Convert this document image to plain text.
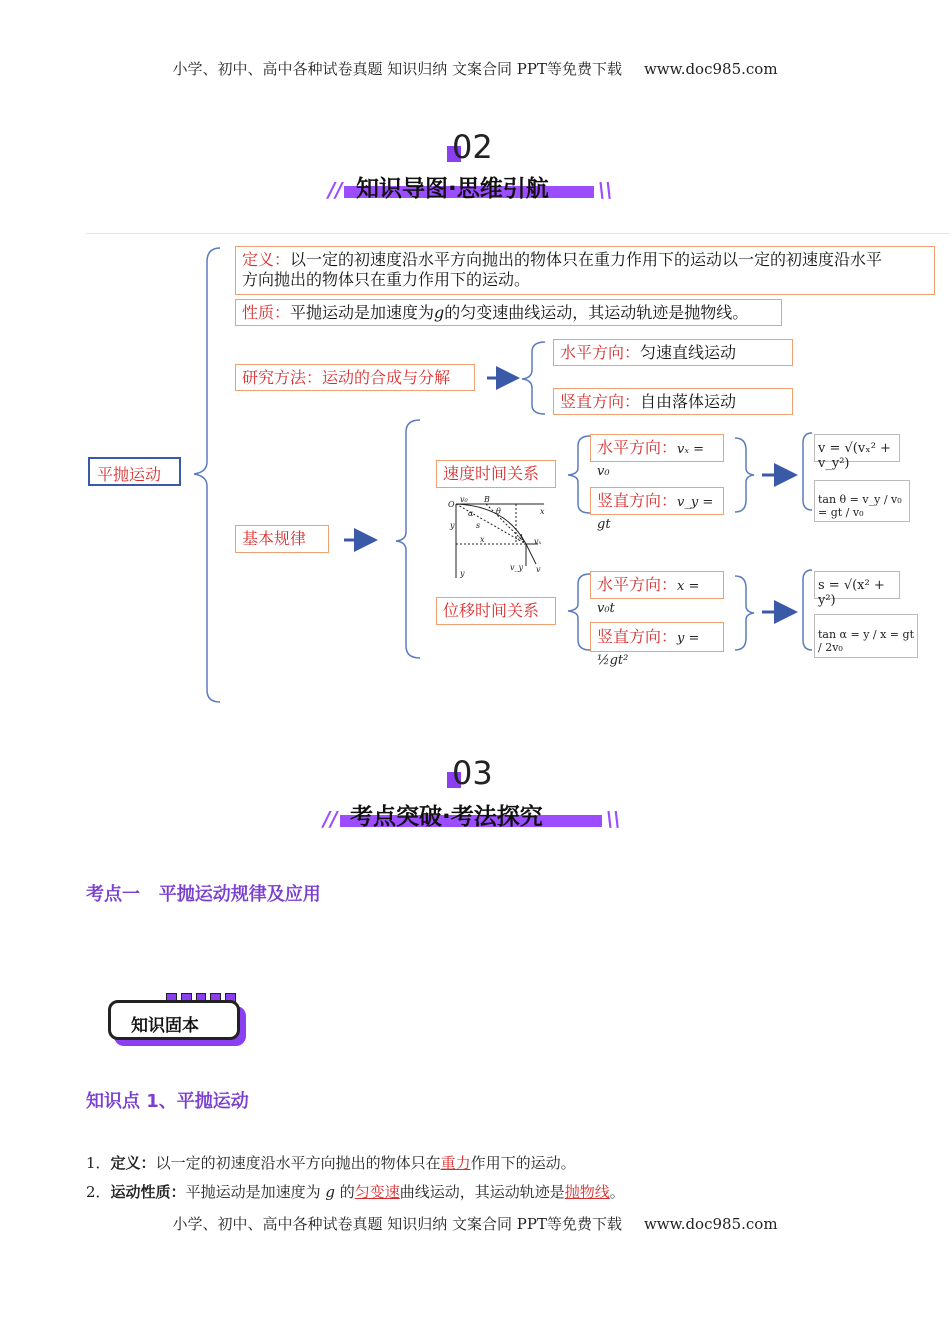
小学、初中、高中各种试卷真题 知识归纳 文案合同 PPT等免费下载 www.doc985.com
02
//	\\
知识导图·思维引航
平抛运动
定义：以一定的初速度沿水平方向抛出的物体只在重力作用下的运动以一定的初速度沿水平
方向抛出的物体只在重力作用下的运动。
性质：平抛运动是加速度为g的匀变速曲线运动，其运动轨迹是抛物线。
研究方法：运动的合成与分解
水平方向：匀速直线运动
竖直方向：自由落体运动
基本规律
速度时间关系
位移时间关系
O
v₀ B
x
α	θ
s
x
y
A vₓ
v_y v
y
水平方向：vₓ = v₀
竖直方向：v_y = gt
水平方向：x = v₀t
竖直方向：y = ½gt²
v = √(vₓ² + v_y²)
tan θ = v_y / v₀ = gt / v₀
s = √(x² + y²)
tan α = y / x = gt / 2v₀
03
//	\\
考点突破·考法探究
考点一   平抛运动规律及应用
知识固本
知识点 1、平抛运动
1．定义：以一定的初速度沿水平方向抛出的物体只在重力作用下的运动。
2．运动性质：平抛运动是加速度为 g 的匀变速曲线运动，其运动轨迹是抛物线。
小学、初中、高中各种试卷真题 知识归纳 文案合同 PPT等免费下载 www.doc985.com
